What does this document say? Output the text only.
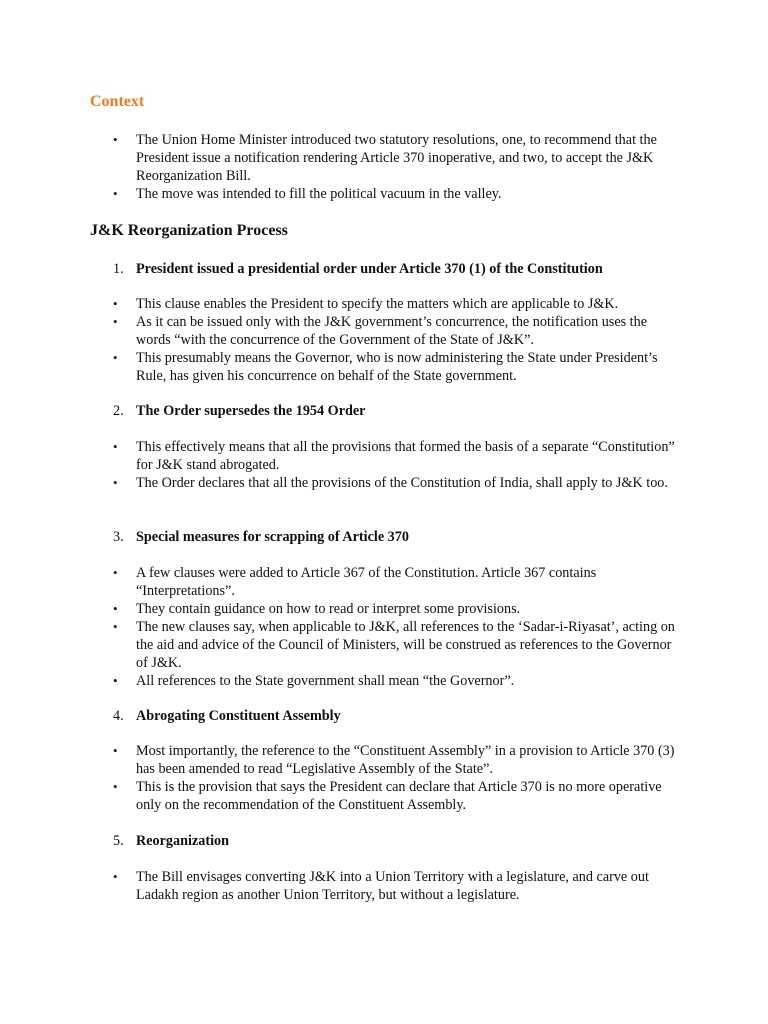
Context
• The Union Home Minister introduced two statutory resolutions, one, to recommend that the President issue a notification rendering Article 370 inoperative, and two, to accept the J&K Reorganization Bill.
• The move was intended to fill the political vacuum in the valley.
J&K Reorganization Process
1. President issued a presidential order under Article 370 (1) of the Constitution
• This clause enables the President to specify the matters which are applicable to J&K.
• As it can be issued only with the J&K government’s concurrence, the notification uses the words “with the concurrence of the Government of the State of J&K”.
• This presumably means the Governor, who is now administering the State under President’s Rule, has given his concurrence on behalf of the State government.
2. The Order supersedes the 1954 Order
• This effectively means that all the provisions that formed the basis of a separate “Constitution” for J&K stand abrogated.
• The Order declares that all the provisions of the Constitution of India, shall apply to J&K too.
3. Special measures for scrapping of Article 370
• A few clauses were added to Article 367 of the Constitution. Article 367 contains “Interpretations”.
• They contain guidance on how to read or interpret some provisions.
• The new clauses say, when applicable to J&K, all references to the ‘Sadar-i-Riyasat’, acting on the aid and advice of the Council of Ministers, will be construed as references to the Governor of J&K.
• All references to the State government shall mean “the Governor”.
4. Abrogating Constituent Assembly
• Most importantly, the reference to the “Constituent Assembly” in a provision to Article 370 (3) has been amended to read “Legislative Assembly of the State”.
• This is the provision that says the President can declare that Article 370 is no more operative only on the recommendation of the Constituent Assembly.
5. Reorganization
• The Bill envisages converting J&K into a Union Territory with a legislature, and carve out Ladakh region as another Union Territory, but without a legislature.
